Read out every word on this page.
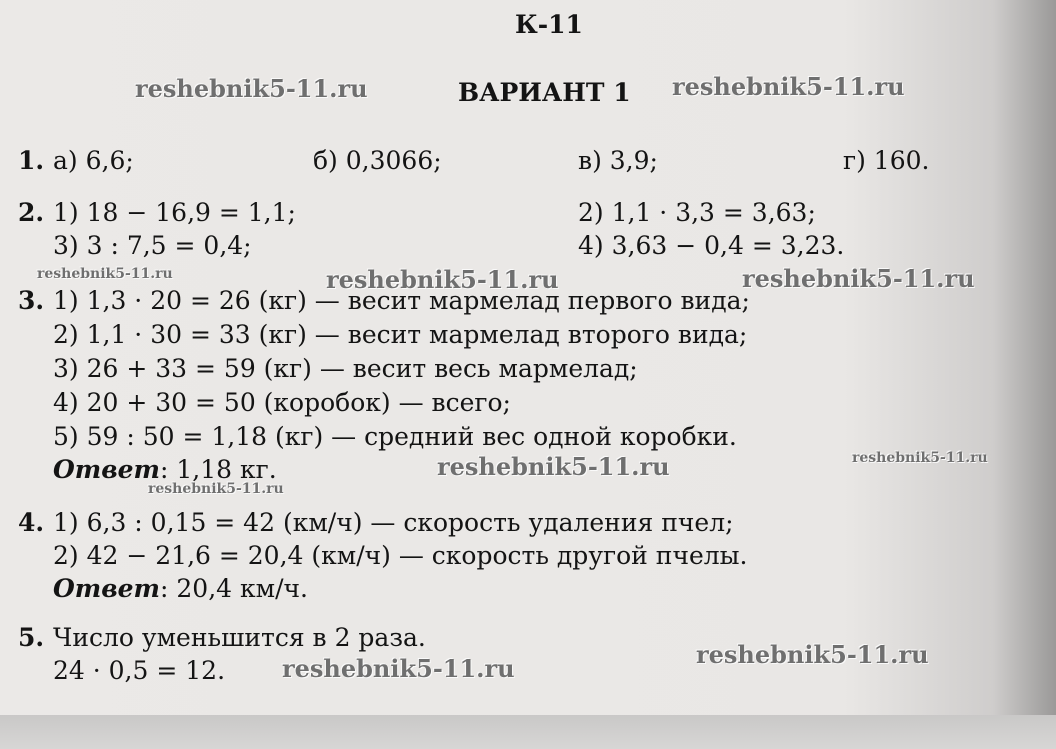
К-11
ВАРИАНТ 1
reshebnik5-11.ru	reshebnik5-11.ru
reshebnik5-11.ru	reshebnik5-11.ru	reshebnik5-11.ru
reshebnik5-11.ru	reshebnik5-11.ru
reshebnik5-11.ru
reshebnik5-11.ru
reshebnik5-11.ru
1. а) 6,6;	б) 0,3066;	в) 3,9;	г) 160.
2. 1) 18 − 16,9 = 1,1;	2) 1,1 · 3,3 = 3,63;
3) 3 : 7,5 = 0,4;	4) 3,63 − 0,4 = 3,23.
3. 1) 1,3 · 20 = 26 (кг) — весит мармелад первого вида;
2) 1,1 · 30 = 33 (кг) — весит мармелад второго вида;
3) 26 + 33 = 59 (кг) — весит весь мармелад;
4) 20 + 30 = 50 (коробок) — всего;
5) 59 : 50 = 1,18 (кг) — средний вес одной коробки.
Ответ: 1,18 кг.
4. 1) 6,3 : 0,15 = 42 (км/ч) — скорость удаления пчел;
2) 42 − 21,6 = 20,4 (км/ч) — скорость другой пчелы.
Ответ: 20,4 км/ч.
5. Число уменьшится в 2 раза.
24 · 0,5 = 12.
